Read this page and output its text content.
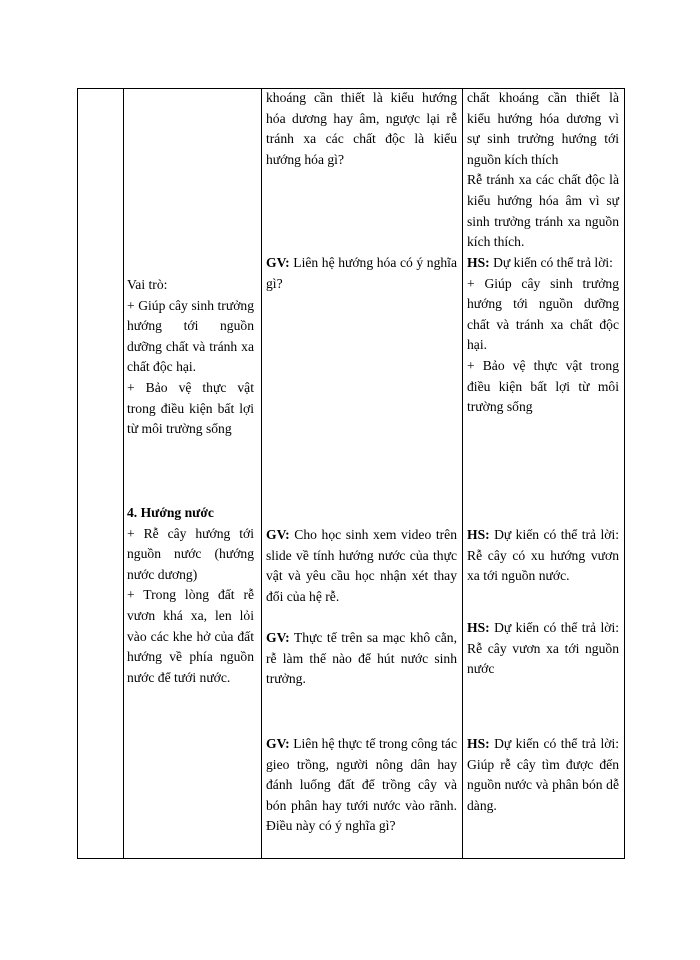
Vai trò:

+ Giúp cây sinh trưởng hướng tới nguồn dưỡng chất và tránh xa chất độc hại.

+ Bảo vệ thực vật trong điều kiện bất lợi từ môi trường sống

4. Hướng nước

+ Rễ cây hướng tới nguồn nước (hướng nước dương)

+ Trong lòng đất rễ vươn khá xa, len lỏi vào các khe hở của đất hướng về phía nguồn nước để tưới nước.

khoáng cần thiết là kiểu hướng hóa dương hay âm, ngược lại rễ tránh xa các chất độc là kiểu hướng hóa gì?

GV: Liên hệ hướng hóa có ý nghĩa gì?

GV: Cho học sinh xem video trên slide về tính hướng nước của thực vật và yêu cầu học nhận xét thay đổi của hệ rễ.

GV: Thực tế trên sa mạc khô cằn, rễ làm thế nào để hút nước sinh trưởng.

GV: Liên hệ thực tế trong công tác gieo trồng, người nông dân hay đánh luống đất để trồng cây và bón phân hay tưới nước vào rãnh. Điều này có ý nghĩa gì?

chất khoáng cần thiết là kiểu hướng hóa dương vì sự sinh trưởng hướng tới nguồn kích thích

Rễ tránh xa các chất độc là kiểu hướng hóa âm vì sự sinh trưởng tránh xa nguồn kích thích.

HS: Dự kiến có thể trả lời:

+ Giúp cây sinh trưởng hướng tới nguồn dưỡng chất và tránh xa chất độc hại.

+ Bảo vệ thực vật trong điều kiện bất lợi từ môi trường sống

HS: Dự kiến có thể trả lời: Rễ cây có xu hướng vươn xa tới nguồn nước.

HS: Dự kiến có thể trả lời: Rễ cây vươn xa tới nguồn nước

HS: Dự kiến có thể trả lời: Giúp rễ cây tìm được đến nguồn nước và phân bón dễ dàng.
